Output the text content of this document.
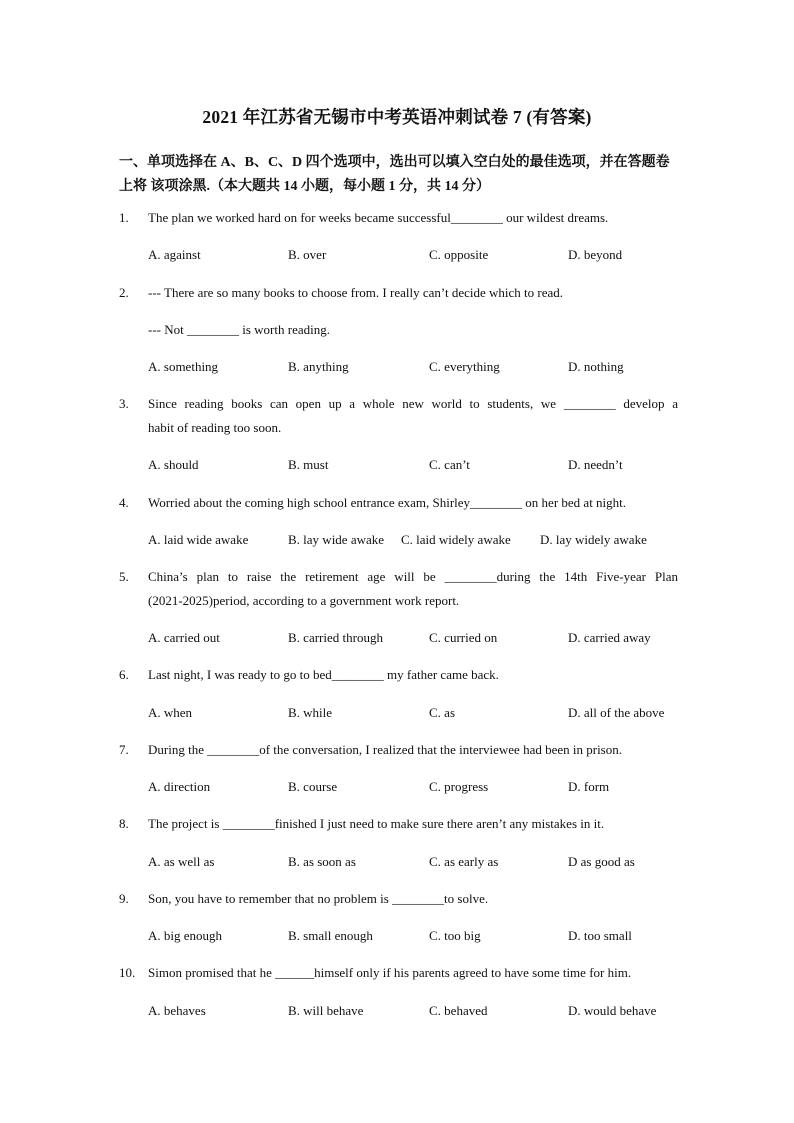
2021 年江苏省无锡市中考英语冲刺试卷 7 (有答案)
一、单项选择在 A、B、C、D 四个选项中，选出可以填入空白处的最佳选项，并在答题卷
上将 该项涂黑.（本大题共 14 小题，每小题 1 分，共 14 分）
1.	The plan we worked hard on for weeks became successful________ our wildest dreams.
A. against	B. over	C. opposite	D. beyond
2.	--- There are so many books to choose from. I really can’t decide which to read.
--- Not ________ is worth reading.
A. something	B. anything	C. everything	D. nothing
3.	Since reading books can open up a whole new world to students, we ________ develop a
habit of reading too soon.
A. should	B. must	C. can’t	D. needn’t
4.	Worried about the coming high school entrance exam, Shirley________ on her bed at night.
A. laid wide awake	B. lay wide awake C. laid widely awake D. lay widely awake
5.	China’s plan to raise the retirement age will be ________during the 14th Five-year Plan
(2021-2025)period, according to a government work report.
A. carried out	B. carried through	C. curried on	D. carried away
6.	Last night, I was ready to go to bed________ my father came back.
A. when	B. while	C. as	D. all of the above
7.	During the ________of the conversation, I realized that the interviewee had been in prison.
A. direction	B. course	C. progress	D. form
8.	The project is ________finished I just need to make sure there aren’t any mistakes in it.
A. as well as	B. as soon as	C. as early as	D as good as
9.	Son, you have to remember that no problem is ________to solve.
A. big enough	B. small enough	C. too big	D. too small
10. Simon promised that he ______himself only if his parents agreed to have some time for him.
A. behaves	B. will behave	C. behaved	D. would behave
